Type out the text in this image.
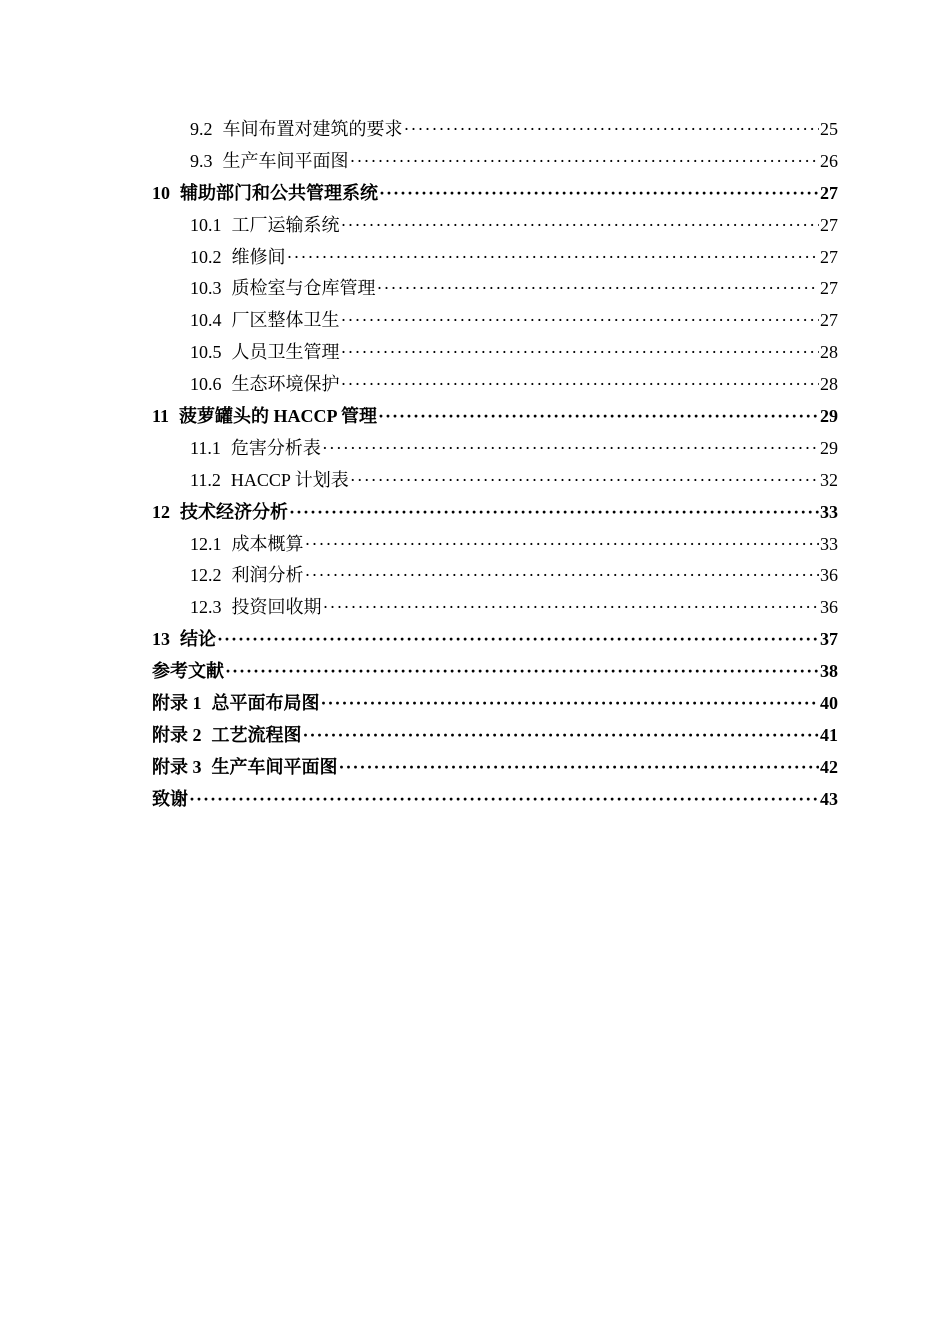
9.2 车间布置对建筑的要求 ·····	25
9.3 生产车间平面图 ·····	26
10 辅助部门和公共管理系统 ·····	27
10.1 工厂运输系统 ·····	27
10.2 维修间 ·····	27
10.3 质检室与仓库管理 ·····	27
10.4 厂区整体卫生 ·····	27
10.5 人员卫生管理 ·····	28
10.6 生态环境保护 ·····	28
11 菠萝罐头的 HACCP 管理 ·····	29
11.1 危害分析表 ·····	29
11.2 HACCP 计划表 ·····	32
12 技术经济分析 ·····	33
12.1 成本概算 ·····	33
12.2 利润分析 ·····	36
12.3 投资回收期 ·····	36
13 结论 ·····	37
参考文献 ·····	38
附录 1 总平面布局图 ·····	40
附录 2 工艺流程图 ·····	41
附录 3 生产车间平面图 ·····	42
致谢 ·····	43
